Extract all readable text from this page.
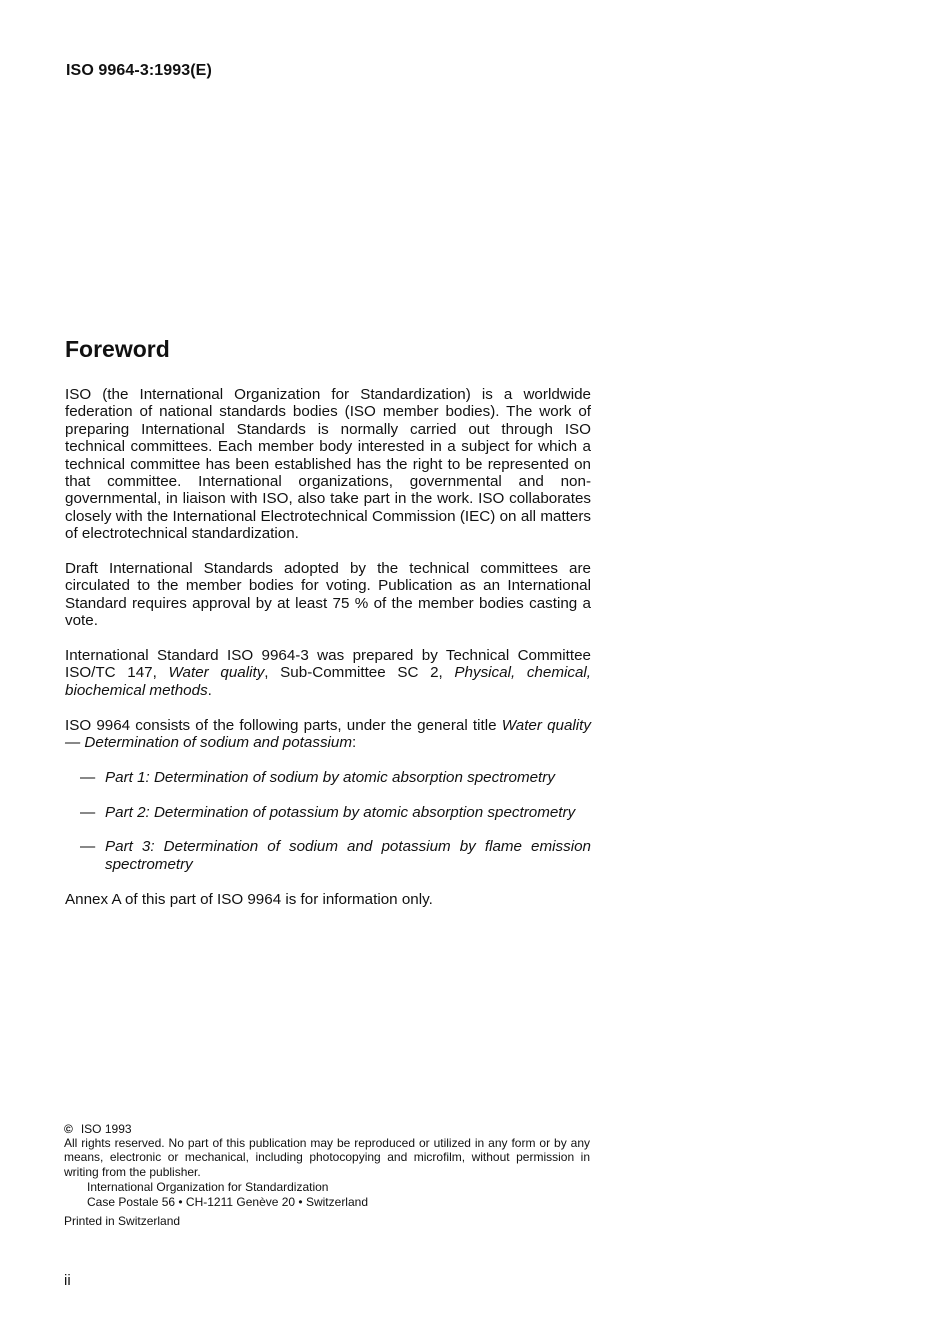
ISO 9964-3:1993(E)
Foreword

ISO (the International Organization for Standardization) is a worldwide federation of national standards bodies (ISO member bodies). The work of preparing International Standards is normally carried out through ISO technical committees. Each member body interested in a subject for which a technical committee has been established has the right to be represented on that committee. International organizations, governmental and non-governmental, in liaison with ISO, also take part in the work. ISO collaborates closely with the International Electrotechnical Commission (IEC) on all matters of electrotechnical standardization.

Draft International Standards adopted by the technical committees are circulated to the member bodies for voting. Publication as an International Standard requires approval by at least 75 % of the member bodies casting a vote.

International Standard ISO 9964-3 was prepared by Technical Committee ISO/TC 147, Water quality, Sub-Committee SC 2, Physical, chemical, biochemical methods.

ISO 9964 consists of the following parts, under the general title Water quality — Determination of sodium and potassium:

— Part 1: Determination of sodium by atomic absorption spectrometry
— Part 2: Determination of potassium by atomic absorption spectrometry
— Part 3: Determination of sodium and potassium by flame emission spectrometry

Annex A of this part of ISO 9964 is for information only.

© ISO 1993
All rights reserved. No part of this publication may be reproduced or utilized in any form or by any means, electronic or mechanical, including photocopying and microfilm, without permission in writing from the publisher.
International Organization for Standardization
Case Postale 56 • CH-1211 Genève 20 • Switzerland
Printed in Switzerland
ii
